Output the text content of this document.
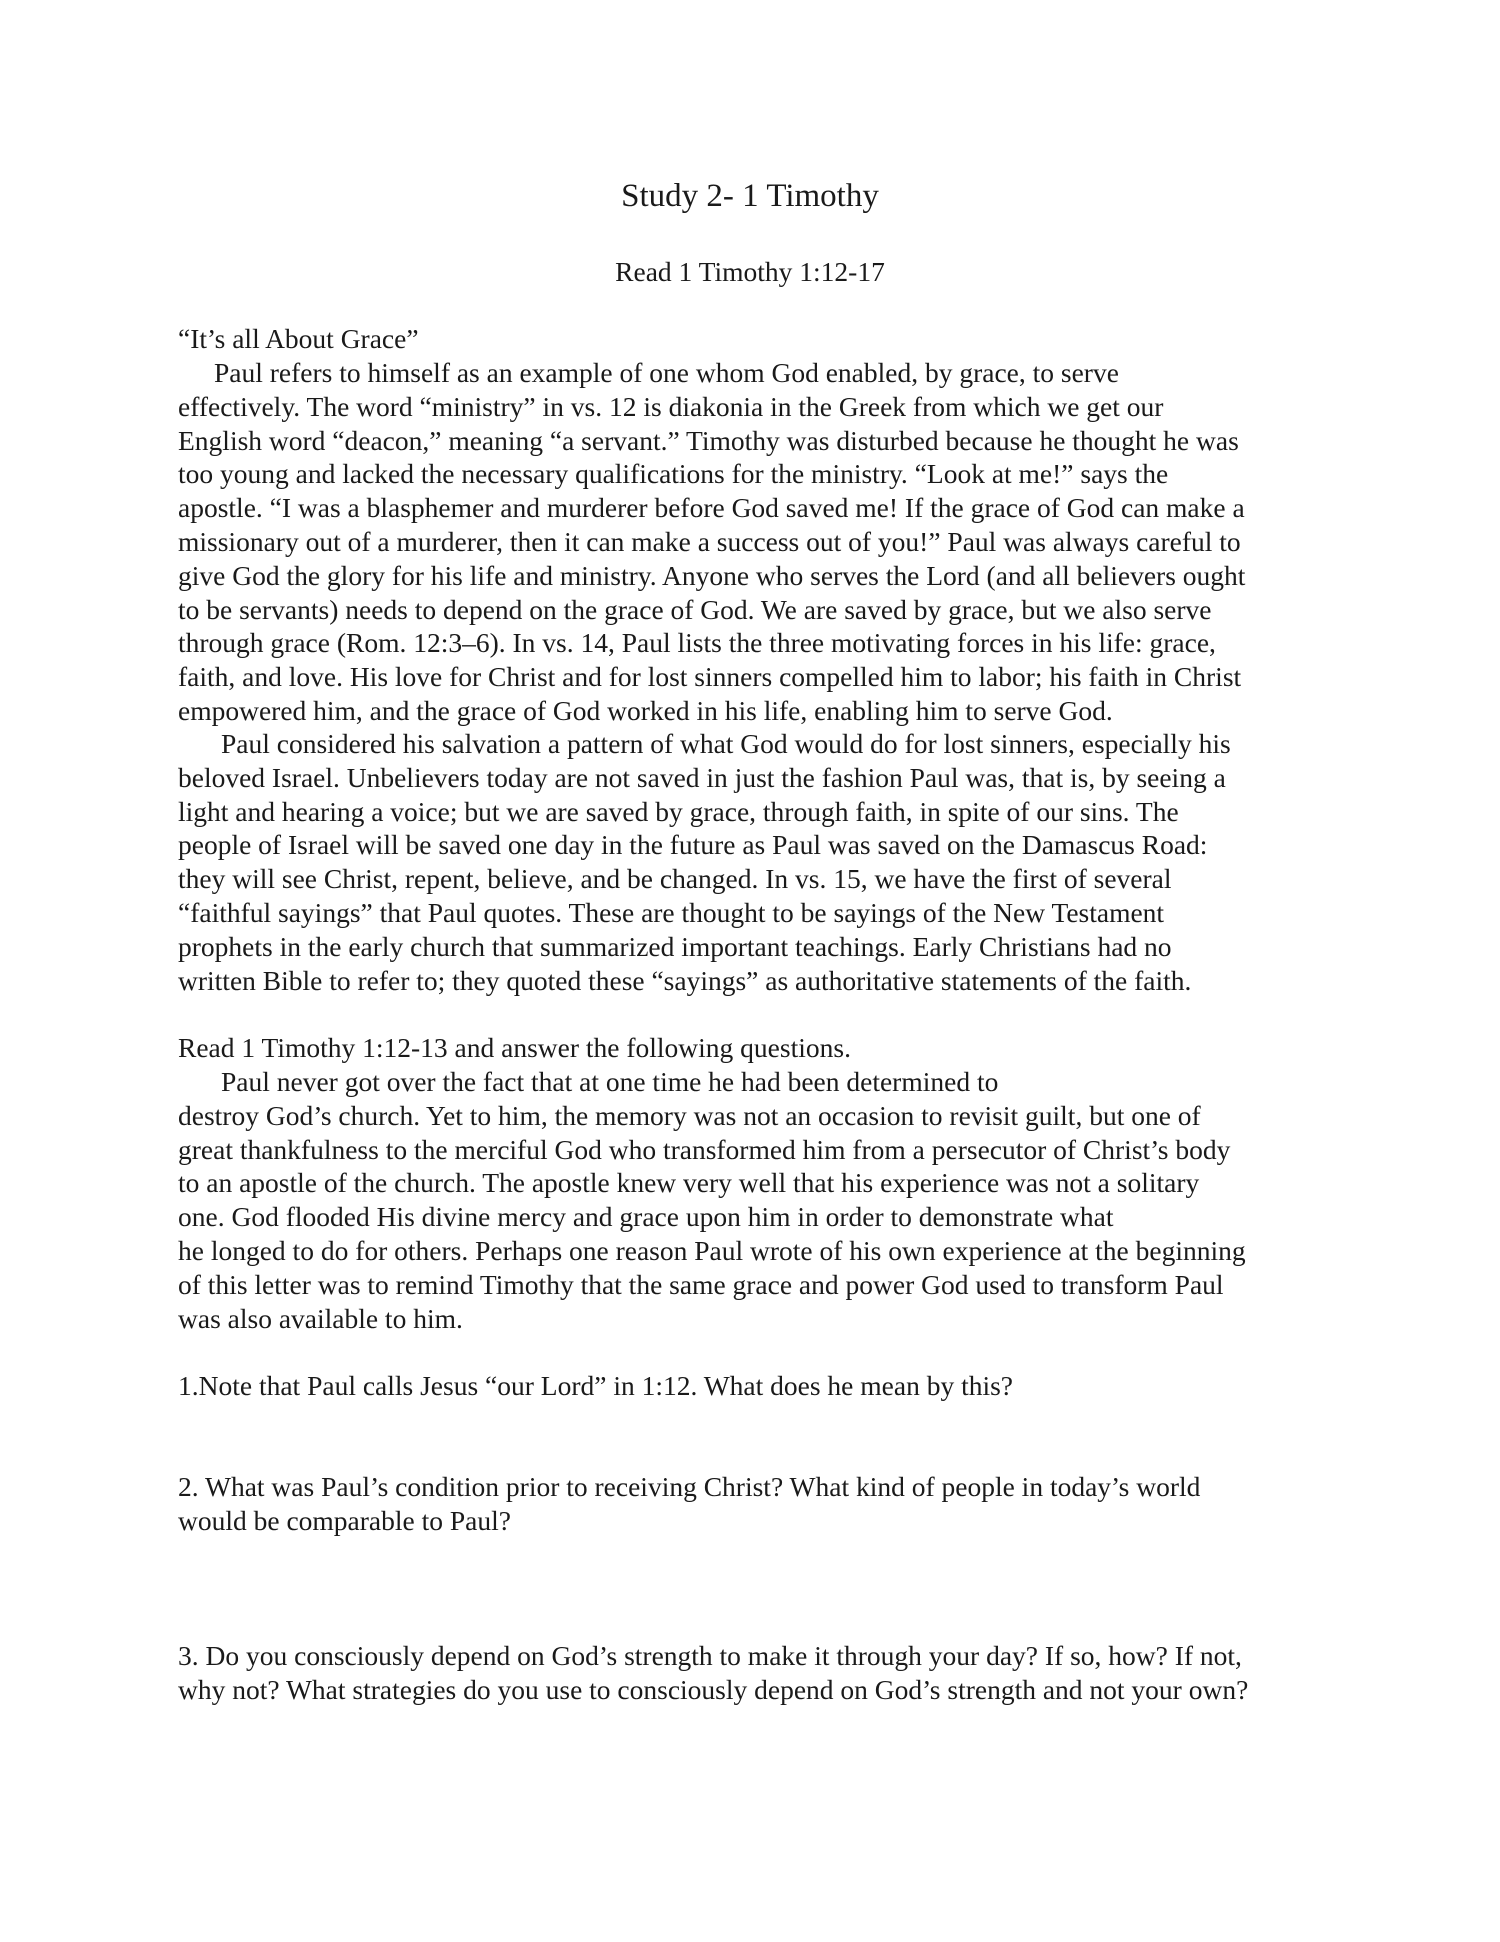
Study 2- 1 Timothy
Read 1 Timothy 1:12-17
“It’s all About Grace”
Paul refers to himself as an example of one whom God enabled, by grace, to serve
effectively. The word “ministry” in vs. 12 is diakonia in the Greek from which we get our
English word “deacon,” meaning “a servant.” Timothy was disturbed because he thought he was
too young and lacked the necessary qualifications for the ministry. “Look at me!” says the
apostle. “I was a blasphemer and murderer before God saved me! If the grace of God can make a
missionary out of a murderer, then it can make a success out of you!” Paul was always careful to
give God the glory for his life and ministry. Anyone who serves the Lord (and all believers ought
to be servants) needs to depend on the grace of God. We are saved by grace, but we also serve
through grace (Rom. 12:3–6). In vs. 14, Paul lists the three motivating forces in his life: grace,
faith, and love. His love for Christ and for lost sinners compelled him to labor; his faith in Christ
empowered him, and the grace of God worked in his life, enabling him to serve God.
Paul considered his salvation a pattern of what God would do for lost sinners, especially his
beloved Israel. Unbelievers today are not saved in just the fashion Paul was, that is, by seeing a
light and hearing a voice; but we are saved by grace, through faith, in spite of our sins. The
people of Israel will be saved one day in the future as Paul was saved on the Damascus Road:
they will see Christ, repent, believe, and be changed. In vs. 15, we have the first of several
“faithful sayings” that Paul quotes. These are thought to be sayings of the New Testament
prophets in the early church that summarized important teachings. Early Christians had no
written Bible to refer to; they quoted these “sayings” as authoritative statements of the faith.
Read 1 Timothy 1:12-13 and answer the following questions.
Paul never got over the fact that at one time he had been determined to
destroy God’s church. Yet to him, the memory was not an occasion to revisit guilt, but one of
great thankfulness to the merciful God who transformed him from a persecutor of Christ’s body
to an apostle of the church. The apostle knew very well that his experience was not a solitary
one. God flooded His divine mercy and grace upon him in order to demonstrate what
he longed to do for others. Perhaps one reason Paul wrote of his own experience at the beginning
of this letter was to remind Timothy that the same grace and power God used to transform Paul
was also available to him.
1.Note that Paul calls Jesus “our Lord” in 1:12. What does he mean by this?
2. What was Paul’s condition prior to receiving Christ? What kind of people in today’s world
would be comparable to Paul?
3. Do you consciously depend on God’s strength to make it through your day? If so, how? If not,
why not? What strategies do you use to consciously depend on God’s strength and not your own?
